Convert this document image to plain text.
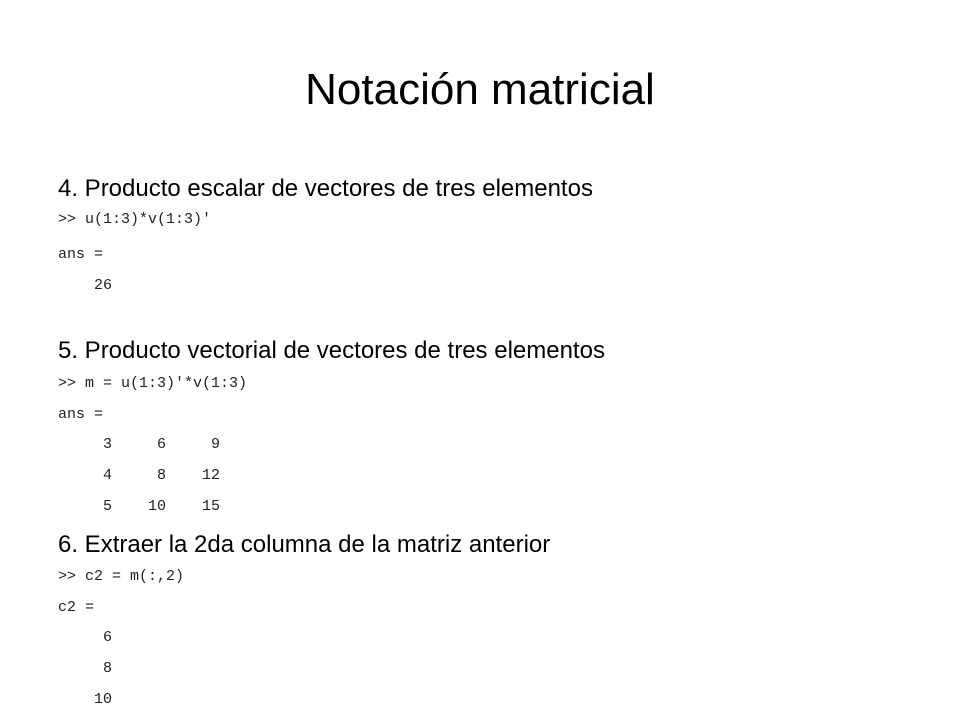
Notación matricial
4. Producto escalar de vectores de tres elementos
>> u(1:3)*v(1:3)'
ans =
26
5. Producto vectorial de vectores de tres elementos
>> m = u(1:3)'*v(1:3)
ans =
3     6     9
4     8    12
5    10    15
6. Extraer la 2da columna de la matriz anterior
>> c2 = m(:,2)
c2 =
6
8
10
